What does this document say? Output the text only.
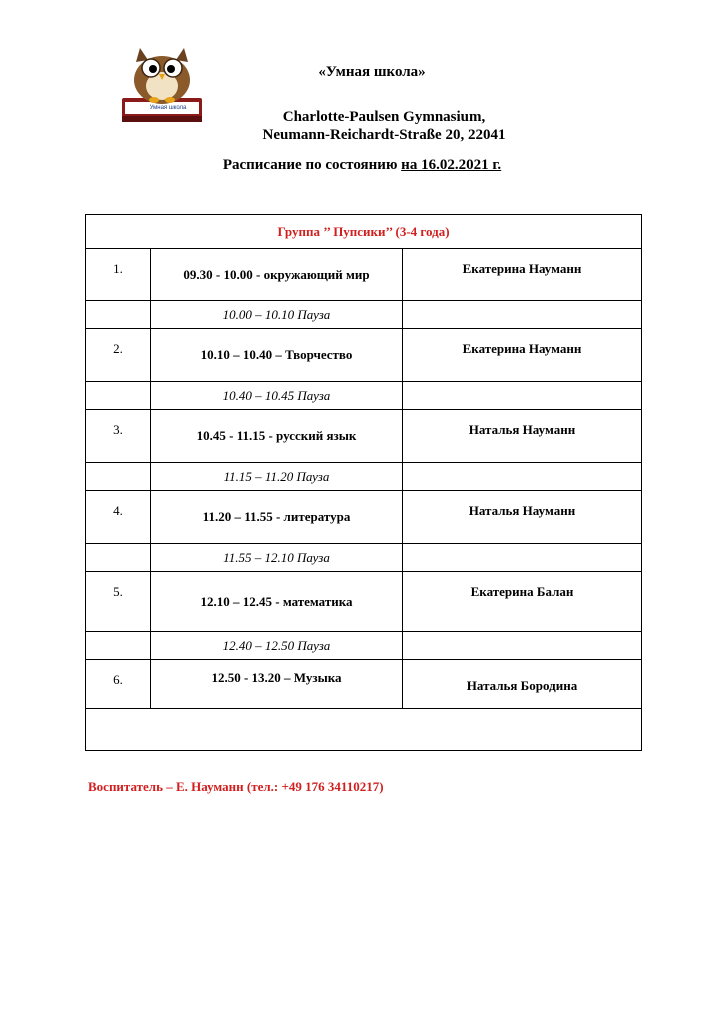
Умная школа
«Умная школа»
Charlotte-Paulsen Gymnasium,
Neumann-Reichardt-Straße 20, 22041
Расписание по состоянию на 16.02.2021 г.
Группа ’’ Пупсики’’ (3-4 года)		
1.	09.30 - 10.00 - окружающий мир	Екатерина Науманн
	10.00 – 10.10 Пауза	
2.	10.10 – 10.40 – Творчество	Екатерина Науманн
	10.40 – 10.45 Пауза	
3.	10.45 - 11.15 - русский язык	Наталья Науманн
	11.15 – 11.20 Пауза	
4.	11.20 – 11.55 - литература	Наталья Науманн
	11.55 – 12.10 Пауза	
5.	12.10 – 12.45 - математика	Екатерина Балан
	12.40 – 12.50 Пауза	
6.	12.50 - 13.20 – Музыка	Наталья Бородина

Воспитатель – Е. Науманн (тел.: +49 176 34110217)
